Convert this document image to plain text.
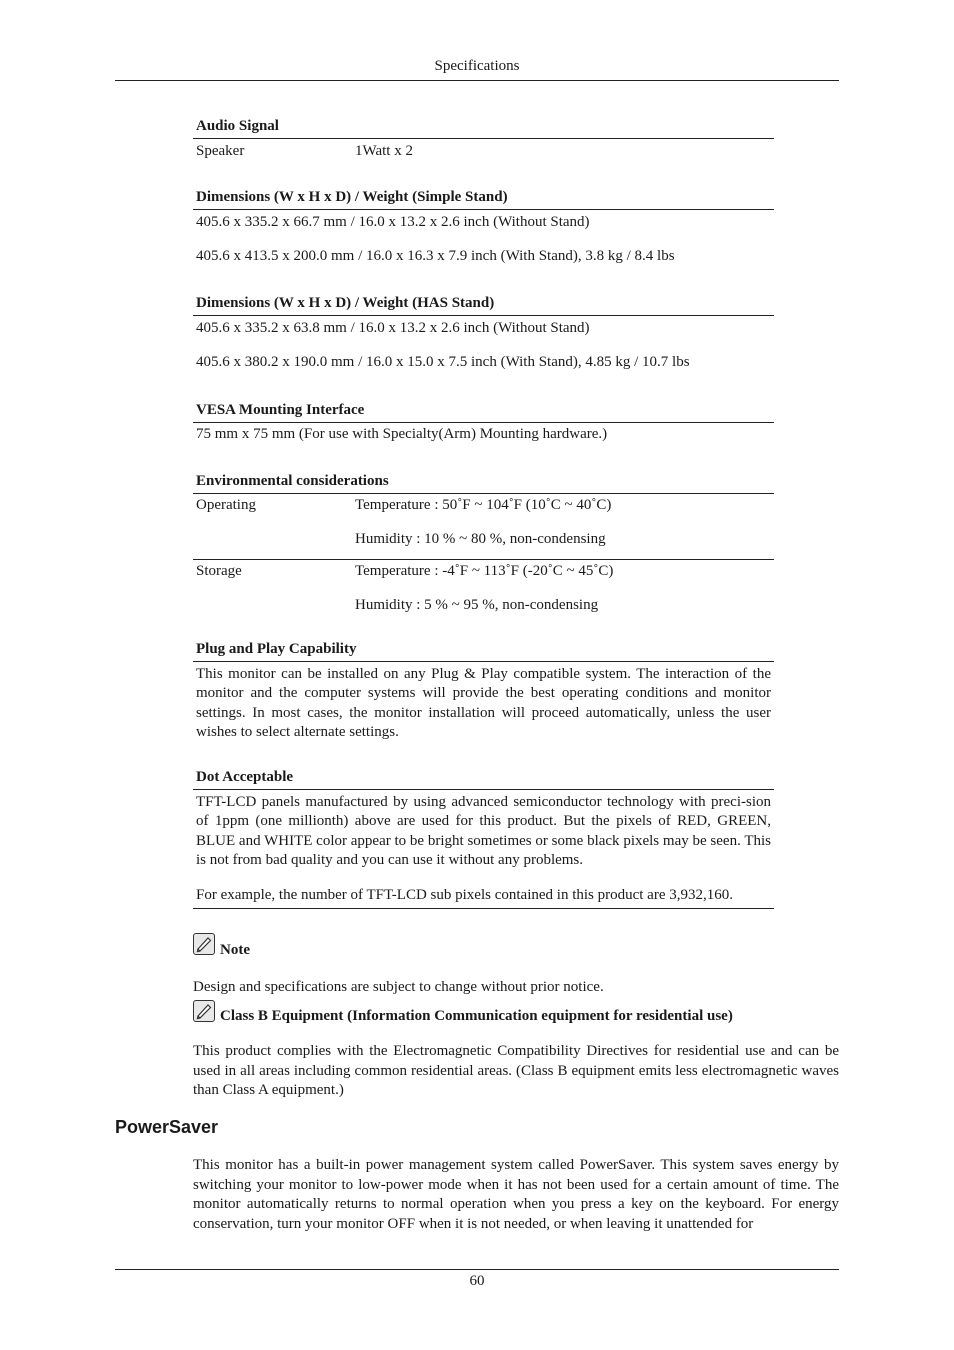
Specifications
Audio Signal
Speaker	1Watt x 2
Dimensions (W x H x D) / Weight (Simple Stand)
405.6 x 335.2 x 66.7 mm / 16.0 x 13.2 x 2.6 inch (Without Stand)
405.6 x 413.5 x 200.0 mm / 16.0 x 16.3 x 7.9 inch (With Stand), 3.8 kg / 8.4 lbs
Dimensions (W x H x D) / Weight (HAS Stand)
405.6 x 335.2 x 63.8 mm / 16.0 x 13.2 x 2.6 inch (Without Stand)
405.6 x 380.2 x 190.0 mm / 16.0 x 15.0 x 7.5 inch (With Stand), 4.85 kg / 10.7 lbs
VESA Mounting Interface
75 mm x 75 mm (For use with Specialty(Arm) Mounting hardware.)
Environmental considerations
Operating	Temperature : 50˚F ~ 104˚F (10˚C ~ 40˚C)
Humidity : 10 % ~ 80 %, non-condensing
Storage	Temperature : -4˚F ~ 113˚F (-20˚C ~ 45˚C)
Humidity : 5 % ~ 95 %, non-condensing
Plug and Play Capability
This monitor can be installed on any Plug & Play compatible system. The interaction of the monitor and the computer systems will provide the best operating conditions and monitor settings. In most cases, the monitor installation will proceed automatically, unless the user wishes to select alternate settings.
Dot Acceptable
TFT-LCD panels manufactured by using advanced semiconductor technology with preci-sion of 1ppm (one millionth) above are used for this product. But the pixels of RED, GREEN, BLUE and WHITE color appear to be bright sometimes or some black pixels may be seen. This is not from bad quality and you can use it without any problems.
For example, the number of TFT-LCD sub pixels contained in this product are 3,932,160.
Note
Design and specifications are subject to change without prior notice.
Class B Equipment (Information Communication equipment for residential use)
This product complies with the Electromagnetic Compatibility Directives for residential use and can be used in all areas including common residential areas. (Class B equipment emits less electromagnetic waves than Class A equipment.)
PowerSaver
This monitor has a built-in power management system called PowerSaver. This system saves energy by switching your monitor to low-power mode when it has not been used for a certain amount of time. The monitor automatically returns to normal operation when you press a key on the keyboard. For energy conservation, turn your monitor OFF when it is not needed, or when leaving it unattended for
60
